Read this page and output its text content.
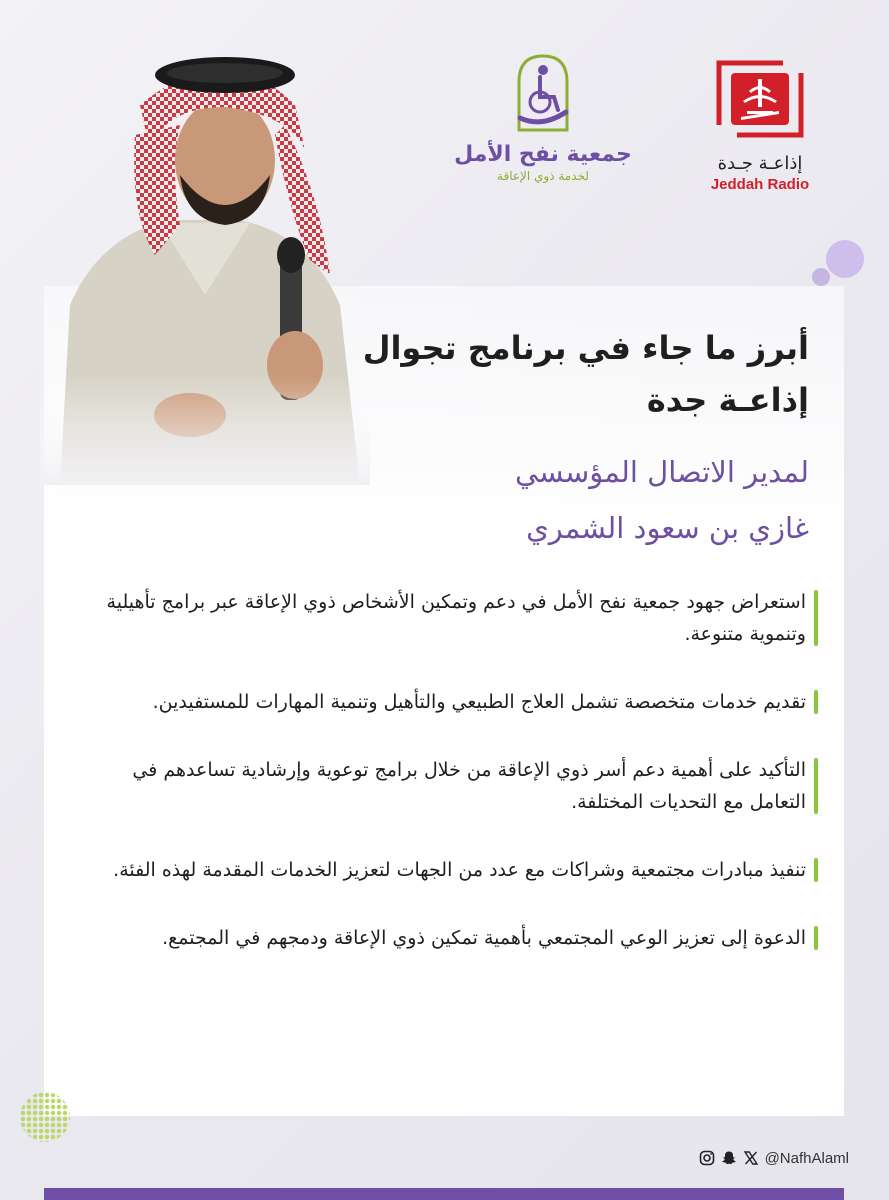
جمعية نفح الأمل
لخدمة ذوي الإعاقة
إذاعـة جـدة
Jeddah Radio
أبرز ما جاء في برنامج تجوال
إذاعـة جدة
لمدير الاتصال المؤسسي
غازي بن سعود الشمري
استعراض جهود جمعية نفح الأمل في دعم وتمكين الأشخاص ذوي الإعاقة عبر برامج تأهيلية وتنموية متنوعة.
تقديم خدمات متخصصة تشمل العلاج الطبيعي والتأهيل وتنمية المهارات للمستفيدين.
التأكيد على أهمية دعم أسر ذوي الإعاقة من خلال برامج توعوية وإرشادية تساعدهم في التعامل مع التحديات المختلفة.
تنفيذ مبادرات مجتمعية وشراكات مع عدد من الجهات لتعزيز الخدمات المقدمة لهذه الفئة.
الدعوة إلى تعزيز الوعي المجتمعي بأهمية تمكين ذوي الإعاقة ودمجهم في المجتمع.
@NafhAlaml
